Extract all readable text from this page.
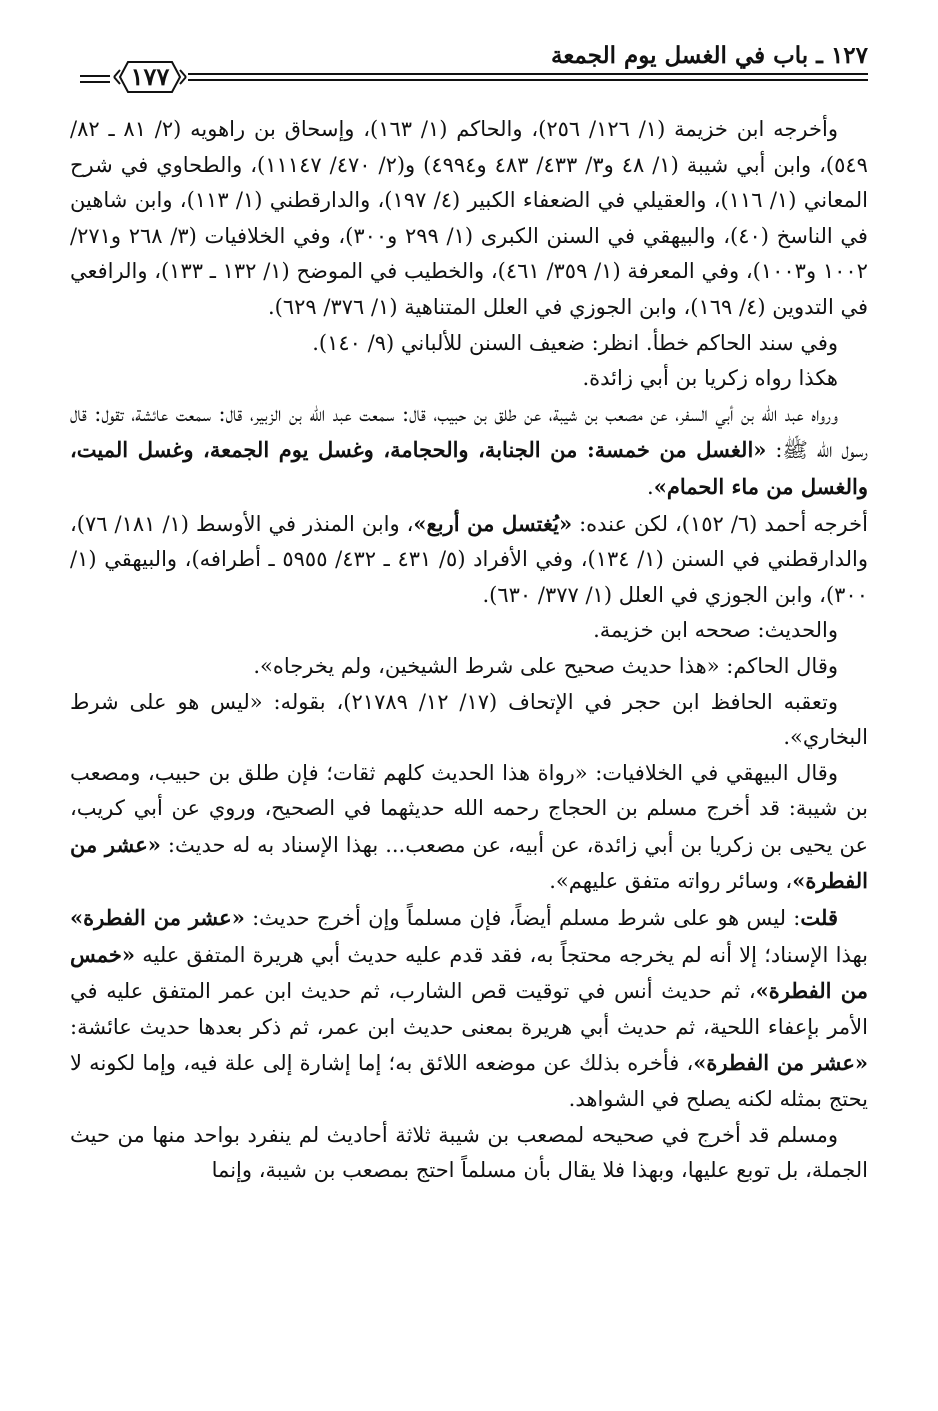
١٢٧ ـ باب في الغسل يوم الجمعة
١٧٧

وأخرجه ابن خزيمة (١/ ١٢٦/ ٢٥٦)، والحاكم (١/ ١٦٣)، وإسحاق بن راهويه (٢/ ٨١ ـ ٨٢/ ٥٤٩)، وابن أبي شيبة (١/ ٤٨ و٣/ ٤٣٣/ ٤٨٣ و٤٩٩٤) و(٢/ ٤٧٠/ ١١١٤٧)، والطحاوي في شرح المعاني (١/ ١١٦)، والعقيلي في الضعفاء الكبير (٤/ ١٩٧)، والدارقطني (١/ ١١٣)، وابن شاهين في الناسخ (٤٠)، والبيهقي في السنن الكبرى (١/ ٢٩٩ و٣٠٠)، وفي الخلافيات (٣/ ٢٦٨ و٢٧١/ ١٠٠٢ و١٠٠٣)، وفي المعرفة (١/ ٣٥٩/ ٤٦١)، والخطيب في الموضح (١/ ١٣٢ ـ ١٣٣)، والرافعي في التدوين (٤/ ١٦٩)، وابن الجوزي في العلل المتناهية (١/ ٣٧٦/ ٦٢٩).

وفي سند الحاكم خطأ. انظر: ضعيف السنن للألباني (٩/ ١٤٠).

هكذا رواه زكريا بن أبي زائدة.

ورواه عبد الله بن أبي السفر، عن مصعب بن شيبة، عن طلق بن حبيب، قال: سمعت عبد الله بن الزبير، قال: سمعت عائشة، تقول: قال رسول الله ﷺ: «الغسل من خمسة: من الجنابة، والحجامة، وغسل يوم الجمعة، وغسل الميت، والغسل من ماء الحمام».

أخرجه أحمد (٦/ ١٥٢)، لكن عنده: «يُغتسل من أربع»، وابن المنذر في الأوسط (١/ ١٨١/ ٧٦)، والدارقطني في السنن (١/ ١٣٤)، وفي الأفراد (٥/ ٤٣١ ـ ٤٣٢/ ٥٩٥٥ ـ أطرافه)، والبيهقي (١/ ٣٠٠)، وابن الجوزي في العلل (١/ ٣٧٧/ ٦٣٠).

والحديث: صححه ابن خزيمة.

وقال الحاكم: «هذا حديث صحيح على شرط الشيخين، ولم يخرجاه».

وتعقبه الحافظ ابن حجر في الإتحاف (١٧/ ١٢/ ٢١٧٨٩)، بقوله: «ليس هو على شرط البخاري».

وقال البيهقي في الخلافيات: «رواة هذا الحديث كلهم ثقات؛ فإن طلق بن حبيب، ومصعب بن شيبة: قد أخرج مسلم بن الحجاج رحمه الله حديثهما في الصحيح، وروي عن أبي كريب، عن يحيى بن زكريا بن أبي زائدة، عن أبيه، عن مصعب... بهذا الإسناد به له حديث: «عشر من الفطرة»، وسائر رواته متفق عليهم».

قلت: ليس هو على شرط مسلم أيضاً، فإن مسلماً وإن أخرج حديث: «عشر من الفطرة» بهذا الإسناد؛ إلا أنه لم يخرجه محتجاً به، فقد قدم عليه حديث أبي هريرة المتفق عليه «خمس من الفطرة»، ثم حديث أنس في توقيت قص الشارب، ثم حديث ابن عمر المتفق عليه في الأمر بإعفاء اللحية، ثم حديث أبي هريرة بمعنى حديث ابن عمر، ثم ذكر بعدها حديث عائشة: «عشر من الفطرة»، فأخره بذلك عن موضعه اللائق به؛ إما إشارة إلى علة فيه، وإما لكونه لا يحتج بمثله لكنه يصلح في الشواهد.

ومسلم قد أخرج في صحيحه لمصعب بن شيبة ثلاثة أحاديث لم ينفرد بواحد منها من حيث الجملة، بل توبع عليها، وبهذا فلا يقال بأن مسلماً احتج بمصعب بن شيبة، وإنما
